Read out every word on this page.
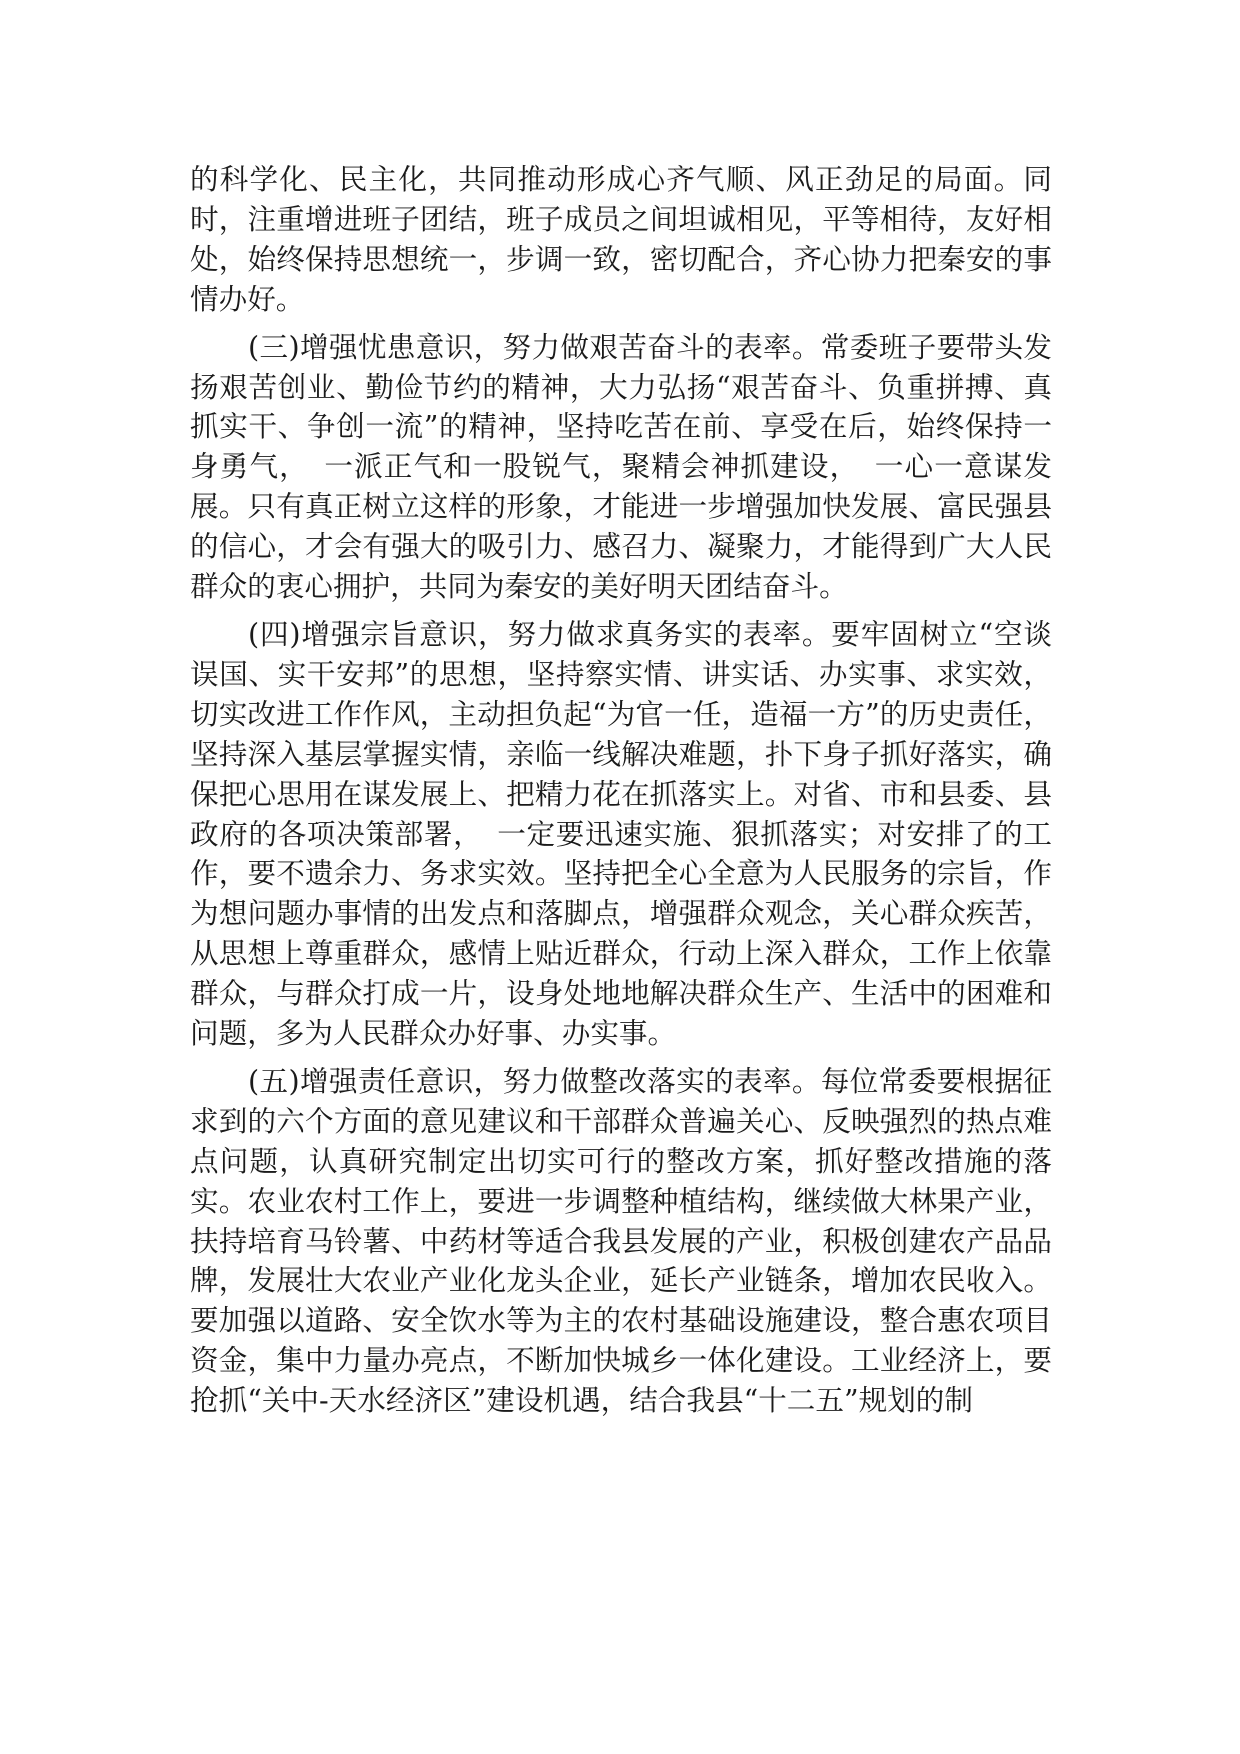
的科学化、民主化，共同推动形成心齐气顺、风正劲足的局面。同时，注重增进班子团结，班子成员之间坦诚相见，平等相待，友好相处，始终保持思想统一，步调一致，密切配合，齐心协力把秦安的事情办好。

(三)增强忧患意识，努力做艰苦奋斗的表率。常委班子要带头发扬艰苦创业、勤俭节约的精神，大力弘扬“艰苦奋斗、负重拼搏、真抓实干、争创一流”的精神，坚持吃苦在前、享受在后，始终保持一身勇气，　一派正气和一股锐气，聚精会神抓建设，　一心一意谋发展。只有真正树立这样的形象，才能进一步增强加快发展、富民强县的信心，才会有强大的吸引力、感召力、凝聚力，才能得到广大人民群众的衷心拥护，共同为秦安的美好明天团结奋斗。

(四)增强宗旨意识，努力做求真务实的表率。要牢固树立“空谈误国、实干安邦”的思想，坚持察实情、讲实话、办实事、求实效，切实改进工作作风，主动担负起“为官一任，造福一方”的历史责任，坚持深入基层掌握实情，亲临一线解决难题，扑下身子抓好落实，确保把心思用在谋发展上、把精力花在抓落实上。对省、市和县委、县政府的各项决策部署，　一定要迅速实施、狠抓落实；对安排了的工作，要不遗余力、务求实效。坚持把全心全意为人民服务的宗旨，作为想问题办事情的出发点和落脚点，增强群众观念，关心群众疾苦，从思想上尊重群众，感情上贴近群众，行动上深入群众，工作上依靠群众，与群众打成一片，设身处地地解决群众生产、生活中的困难和问题，多为人民群众办好事、办实事。

(五)增强责任意识，努力做整改落实的表率。每位常委要根据征求到的六个方面的意见建议和干部群众普遍关心、反映强烈的热点难点问题，认真研究制定出切实可行的整改方案，抓好整改措施的落实。农业农村工作上，要进一步调整种植结构，继续做大林果产业，扶持培育马铃薯、中药材等适合我县发展的产业，积极创建农产品品牌，发展壮大农业产业化龙头企业，延长产业链条，增加农民收入。要加强以道路、安全饮水等为主的农村基础设施建设，整合惠农项目资金，集中力量办亮点，不断加快城乡一体化建设。工业经济上，要抢抓“关中-天水经济区”建设机遇，结合我县“十二五”规划的制
